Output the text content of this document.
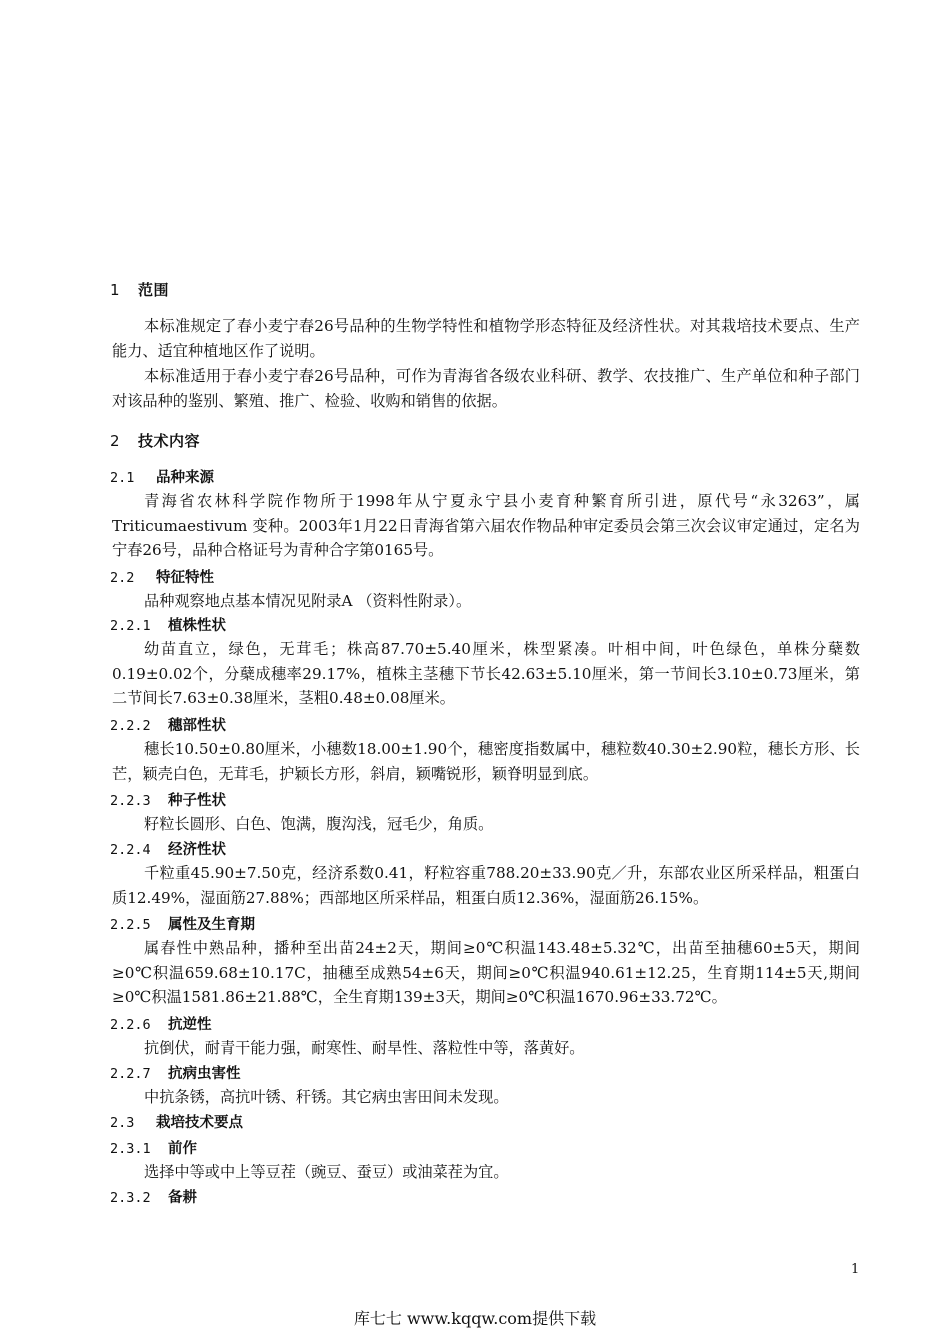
1 范围

本标准规定了春小麦宁春26号品种的生物学特性和植物学形态特征及经济性状。对其栽培技术要点、生产能力、适宜种植地区作了说明。

本标准适用于春小麦宁春26号品种，可作为青海省各级农业科研、教学、农技推广、生产单位和种子部门对该品种的鉴别、繁殖、推广、检验、收购和销售的依据。

2 技术内容
2.1 品种来源

青海省农林科学院作物所于1998年从宁夏永宁县小麦育种繁育所引进，原代号“永3263”，属Triticumaestivum 变种。2003年1月22日青海省第六届农作物品种审定委员会第三次会议审定通过，定名为宁春26号，品种合格证号为青种合字第0165号。

2.2 特征特性

品种观察地点基本情况见附录A （资料性附录）。

2.2.1 植株性状

幼苗直立，绿色，无茸毛；株高87.70±5.40厘米，株型紧凑。叶相中间，叶色绿色，单株分蘖数0.19±0.02个，分蘖成穗率29.17%，植株主茎穗下节长42.63±5.10厘米，第一节间长3.10±0.73厘米，第二节间长7.63±0.38厘米，茎粗0.48±0.08厘米。

2.2.2 穗部性状

穗长10.50±0.80厘米，小穗数18.00±1.90个，穗密度指数属中，穗粒数40.30±2.90粒，穗长方形、长芒，颖壳白色，无茸毛，护颖长方形，斜肩，颖嘴锐形，颖脊明显到底。

2.2.3 种子性状

籽粒长圆形、白色、饱满，腹沟浅，冠毛少，角质。

2.2.4 经济性状

千粒重45.90±7.50克，经济系数0.41，籽粒容重788.20±33.90克／升，东部农业区所采样品，粗蛋白质12.49%，湿面筋27.88%；西部地区所采样品，粗蛋白质12.36%，湿面筋26.15%。

2.2.5 属性及生育期

属春性中熟品种，播种至出苗24±2天，期间≥0℃积温143.48±5.32℃，出苗至抽穗60±5天，期间≥0℃积温659.68±10.17C，抽穗至成熟54±6天，期间≥0℃积温940.61±12.25，生育期114±5天,期间≥0℃积温1581.86±21.88℃，全生育期139±3天，期间≥0℃积温1670.96±33.72℃。

2.2.6 抗逆性

抗倒伏，耐青干能力强，耐寒性、耐旱性、落粒性中等，落黄好。

2.2.7 抗病虫害性

中抗条锈，高抗叶锈、秆锈。其它病虫害田间未发现。

2.3 栽培技术要点
2.3.1 前作

选择中等或中上等豆茬（豌豆、蚕豆）或油菜茬为宜。

2.3.2 备耕
1
库七七 www.kqqw.com提供下载
